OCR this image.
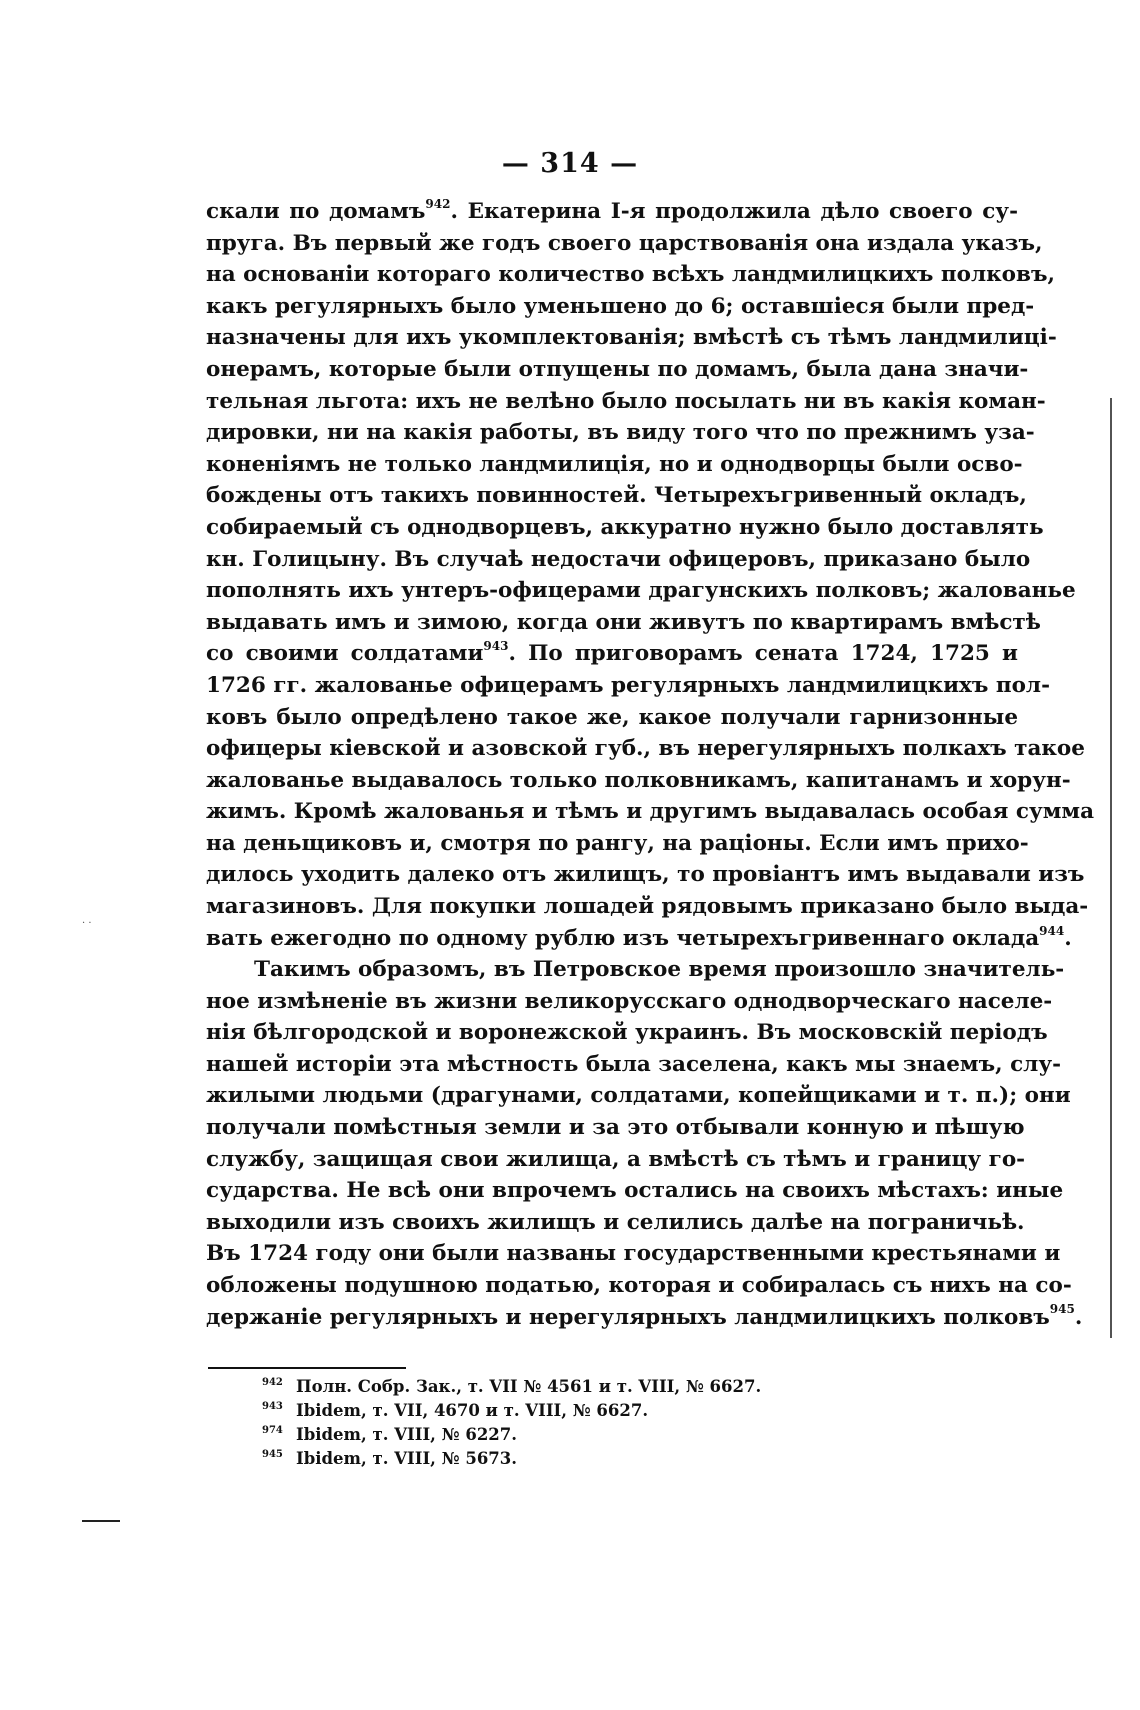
— 314 —
скали по домамъ$^{942}$. Екатерина I-я продолжила дѣло своего су-
пруга. Въ первый же годъ своего царствованія она издала указъ,
на основаніи котораго количество всѣхъ ландмилицкихъ полковъ,
какъ регулярныхъ было уменьшено до 6; оставшіеся были пред-
назначены для ихъ укомплектованія; вмѣстѣ съ тѣмъ ландмилиці-
онерамъ, которые были отпущены по домамъ, была дана значи-
тельная льгота: ихъ не велѣно было посылать ни въ какія коман-
дировки, ни на какія работы, въ виду того что по прежнимъ уза-
коненіямъ не только ландмилиція, но и однодворцы были осво-
бождены отъ такихъ повинностей. Четырехъгривенный окладъ,
собираемый съ однодворцевъ, аккуратно нужно было доставлять
кн. Голицыну. Въ случаѣ недостачи офицеровъ, приказано было
пополнять ихъ унтеръ-офицерами драгунскихъ полковъ; жалованье
выдавать имъ и зимою, когда они живутъ по квартирамъ вмѣстѣ
со своими солдатами$^{943}$. По приговорамъ сената 1724, 1725 и
1726 гг. жалованье офицерамъ регулярныхъ ландмилицкихъ пол-
ковъ было опредѣлено такое же, какое получали гарнизонные
офицеры кіевской и азовской губ., въ нерегулярныхъ полкахъ такое
жалованье выдавалось только полковникамъ, капитанамъ и хорун-
жимъ. Кромѣ жалованья и тѣмъ и другимъ выдавалась особая сумма
на деньщиковъ и, смотря по рангу, на раціоны. Если имъ прихо-
дилось уходить далеко отъ жилищъ, то провіантъ имъ выдавали изъ
магазиновъ. Для покупки лошадей рядовымъ приказано было выда-
вать ежегодно по одному рублю изъ четырехъгривеннаго оклада$^{944}$.
Такимъ образомъ, въ Петровское время произошло значитель-
ное измѣненіе въ жизни великорусскаго однодворческаго населе-
нія бѣлгородской и воронежской украинъ. Въ московскій періодъ
нашей исторіи эта мѣстность была заселена, какъ мы знаемъ, слу-
жилыми людьми (драгунами, солдатами, копейщиками и т. п.); они
получали помѣстныя земли и за это отбывали конную и пѣшую
службу, защищая свои жилища, а вмѣстѣ съ тѣмъ и границу го-
сударства. Не всѣ они впрочемъ остались на своихъ мѣстахъ: иные
выходили изъ своихъ жилищъ и селились далѣе на пограничьѣ.
Въ 1724 году они были названы государственными крестьянами и
обложены подушною податью, которая и собиралась съ нихъ на со-
держаніе регулярныхъ и нерегулярныхъ ландмилицкихъ полковъ$^{945}$.
942 Полн. Собр. Зак., т. VII № 4561 и т. VIII, № 6627.
943 Ibidem, т. VII, 4670 и т. VIII, № 6627.
974 Ibidem, т. VIII, № 6227.
945 Ibidem, т. VIII, № 5673.
· ·
